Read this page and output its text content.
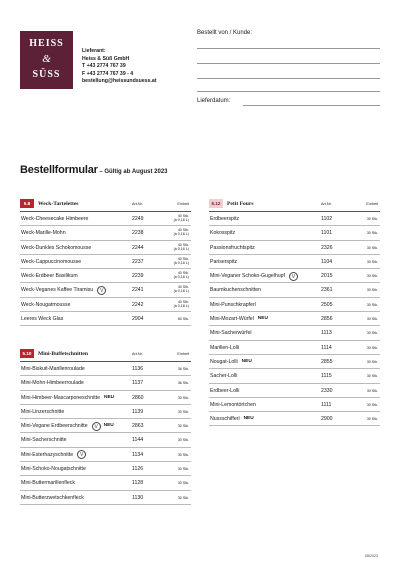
HEISS
&
SÜSS
Lieferant:
Heiss & Süß GmbH
T +43 2774 767 39
F +43 2774 767 39 - 4
bestellung@heissundsuess.at
Bestellt von / Kunde:
Lieferdatum:
Bestellformular – Gültig ab August 2023
5.8	Weck-Tartelettes	Art.Nr.	Einheit
Weck-Cheesecake Himbeere	2249	40 Stk.
(à 0,18 L)
Weck-Marille-Mohn	2238	40 Stk.
(à 0,18 L)
Weck-Dunkles Schokomousse	2244	40 Stk.
(à 0,18 L)
Weck-Cappuccinomousse	2237	40 Stk.
(à 0,18 L)
Weck-Erdbeer Basilikum	2239	40 Stk.
(à 0,18 L)
Weck-Veganes Kaffee Tiramisu	V	2241	40 Stk.
(à 0,18 L)
Weck-Nougatmousse	2242	40 Stk.
(à 0,18 L)
Leeres Weck Glas	2904	80 Stk.
5.10	Mini-Buffetschnitten	Art.Nr.	Einheit
Mini-Biskuit-Marillenroulade	1136	36 Stk.
Mini-Mohn-Himbeerroulade	1137	36 Stk.
Mini-Himbeer-Mascarponeschnitte NEU	2860	30 Stk.
Mini-Linzerschnitte	1139	30 Stk.
Mini-Vegane Erdbeerschnitte	V	NEU	2863	30 Stk.
Mini-Sacherschnitte	1144	30 Stk.
Mini-Esterhazyschnitte	V	1134	30 Stk.
Mini-Schoko-Nougatschnitte	1126	30 Stk.
Mini-Buttermarillenfleck	1128	30 Stk.
Mini-Butterzwetschkenfleck	1130	30 Stk.
5.12	Petit Fours	Art.Nr.	Einheit
Erdbeerspitz	1102	30 Stk.
Kokosspitz	1101	30 Stk.
Passionsfruchtspitz	2326	30 Stk.
Pariserspitz	1104	30 Stk.
Mini-Veganer Schoko-Gugelhupf	V	2015	30 Stk.
Baumkuchenschnitten	2361	30 Stk.
Mini-Punschkrapferl	2505	30 Stk.
Mini-Mozart-Würfel NEU	2856	30 Stk.
Mini-Sacherwürfel	1113	30 Stk.
Marillen-Lolli	1114	30 Stk.
Nougat-Lolli NEU	2855	30 Stk.
Sacher-Lolli	1115	30 Stk.
Erdbeer-Lolli	2330	30 Stk.
Mini-Lemontörtchen	1111	30 Stk.
Nussschifferl NEU	2900	30 Stk.
08/2023
